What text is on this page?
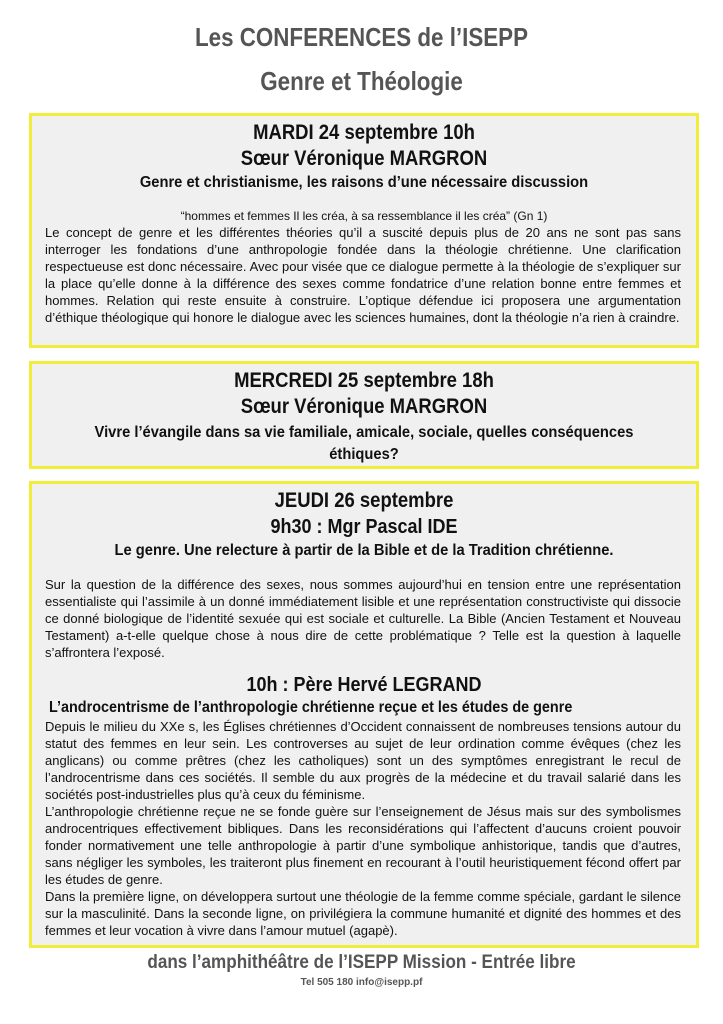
Les CONFERENCES de l’ISEPP
Genre et Théologie
MARDI 24 septembre 10h
Sœur Véronique MARGRON
Genre et christianisme, les raisons d’une nécessaire discussion
“hommes et femmes Il les créa, à sa ressemblance il les créa” (Gn 1)
Le concept de genre et les différentes théories qu’il a suscité depuis plus de 20 ans ne sont pas sans interroger les fondations d’une anthropologie fondée dans la théologie chrétienne. Une clarification respectueuse est donc nécessaire. Avec pour visée que ce dialogue permette à la théologie de s’expliquer sur la place qu’elle donne à la différence des sexes comme fondatrice d’une relation bonne entre femmes et hommes. Relation qui reste ensuite à construire. L’optique défendue ici proposera une argumentation d’éthique théologique qui honore le dialogue avec les sciences humaines, dont la théologie n’a rien à craindre.
MERCREDI 25 septembre 18h
Sœur Véronique MARGRON
Vivre l’évangile dans sa vie familiale, amicale, sociale, quelles conséquences éthiques?
JEUDI 26 septembre
9h30 : Mgr Pascal IDE
Le genre. Une relecture à partir de la Bible et de la Tradition chrétienne.
Sur la question de la différence des sexes, nous sommes aujourd’hui en tension entre une représentation essentialiste qui l’assimile à un donné immédiatement lisible et une représentation constructiviste qui dissocie ce donné biologique de l’identité sexuée qui est sociale et culturelle. La Bible (Ancien Testament et Nouveau Testament) a-t-elle quelque chose à nous dire de cette problématique ? Telle est la question à laquelle s’affrontera l’exposé.
10h : Père Hervé LEGRAND
L’androcentrisme de l’anthropologie chrétienne reçue et les études de genre
Depuis le milieu du XXe s, les Églises chrétiennes d’Occident connaissent de nombreuses tensions autour du statut des femmes en leur sein. Les controverses au sujet de leur ordination comme évêques (chez les anglicans) ou comme prêtres (chez les catholiques) sont un des symptômes enregistrant le recul de l’androcentrisme dans ces sociétés. Il semble du aux progrès de la médecine et du travail salarié dans les sociétés post-industrielles plus qu’à ceux du féminisme.
L’anthropologie chrétienne reçue ne se fonde guère sur l’enseignement de Jésus mais sur des symbolismes androcentriques effectivement bibliques. Dans les reconsidérations qui l’affectent d’aucuns croient pouvoir fonder normativement une telle anthropologie à partir d’une symbolique anhistorique, tandis que d’autres, sans négliger les symboles, les traiteront plus finement en recourant à l’outil heuristiquement fécond offert par les études de genre.
Dans la première ligne, on développera surtout une théologie de la femme comme spéciale, gardant le silence sur la masculinité. Dans la seconde ligne, on privilégiera la commune humanité et dignité des hommes et des femmes et leur vocation à vivre dans l’amour mutuel (agapè).
dans l’amphithéâtre de l’ISEPP Mission - Entrée libre
Tel 505 180 info@isepp.pf
